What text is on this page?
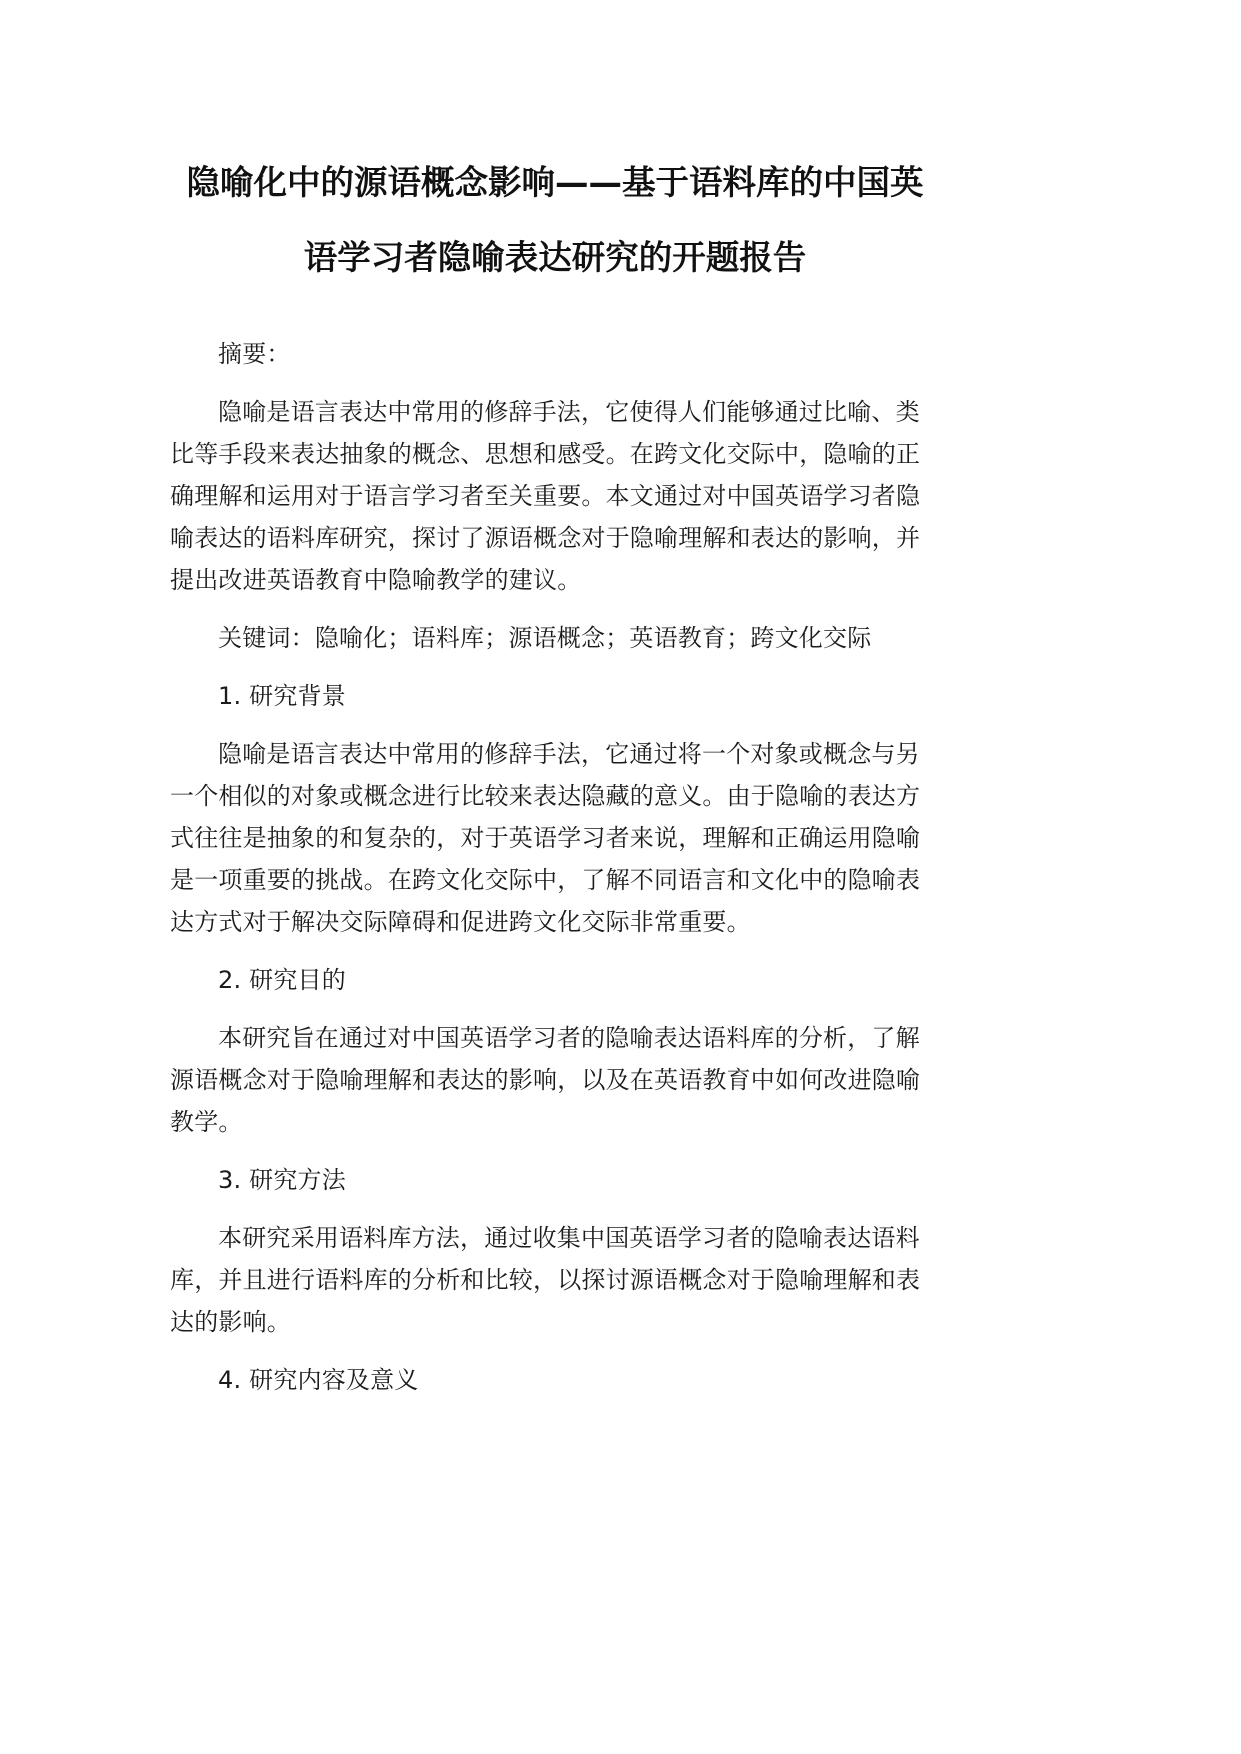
隐喻化中的源语概念影响——基于语料库的中国英
语学习者隐喻表达研究的开题报告
摘要：
隐喻是语言表达中常用的修辞手法，它使得人们能够通过比喻、类
比等手段来表达抽象的概念、思想和感受。在跨文化交际中，隐喻的正
确理解和运用对于语言学习者至关重要。本文通过对中国英语学习者隐
喻表达的语料库研究，探讨了源语概念对于隐喻理解和表达的影响，并
提出改进英语教育中隐喻教学的建议。
关键词：隐喻化；语料库；源语概念；英语教育；跨文化交际
1. 研究背景
隐喻是语言表达中常用的修辞手法，它通过将一个对象或概念与另
一个相似的对象或概念进行比较来表达隐藏的意义。由于隐喻的表达方
式往往是抽象的和复杂的，对于英语学习者来说，理解和正确运用隐喻
是一项重要的挑战。在跨文化交际中，了解不同语言和文化中的隐喻表
达方式对于解决交际障碍和促进跨文化交际非常重要。
2. 研究目的
本研究旨在通过对中国英语学习者的隐喻表达语料库的分析，了解
源语概念对于隐喻理解和表达的影响，以及在英语教育中如何改进隐喻
教学。
3. 研究方法
本研究采用语料库方法，通过收集中国英语学习者的隐喻表达语料
库，并且进行语料库的分析和比较，以探讨源语概念对于隐喻理解和表
达的影响。
4. 研究内容及意义
